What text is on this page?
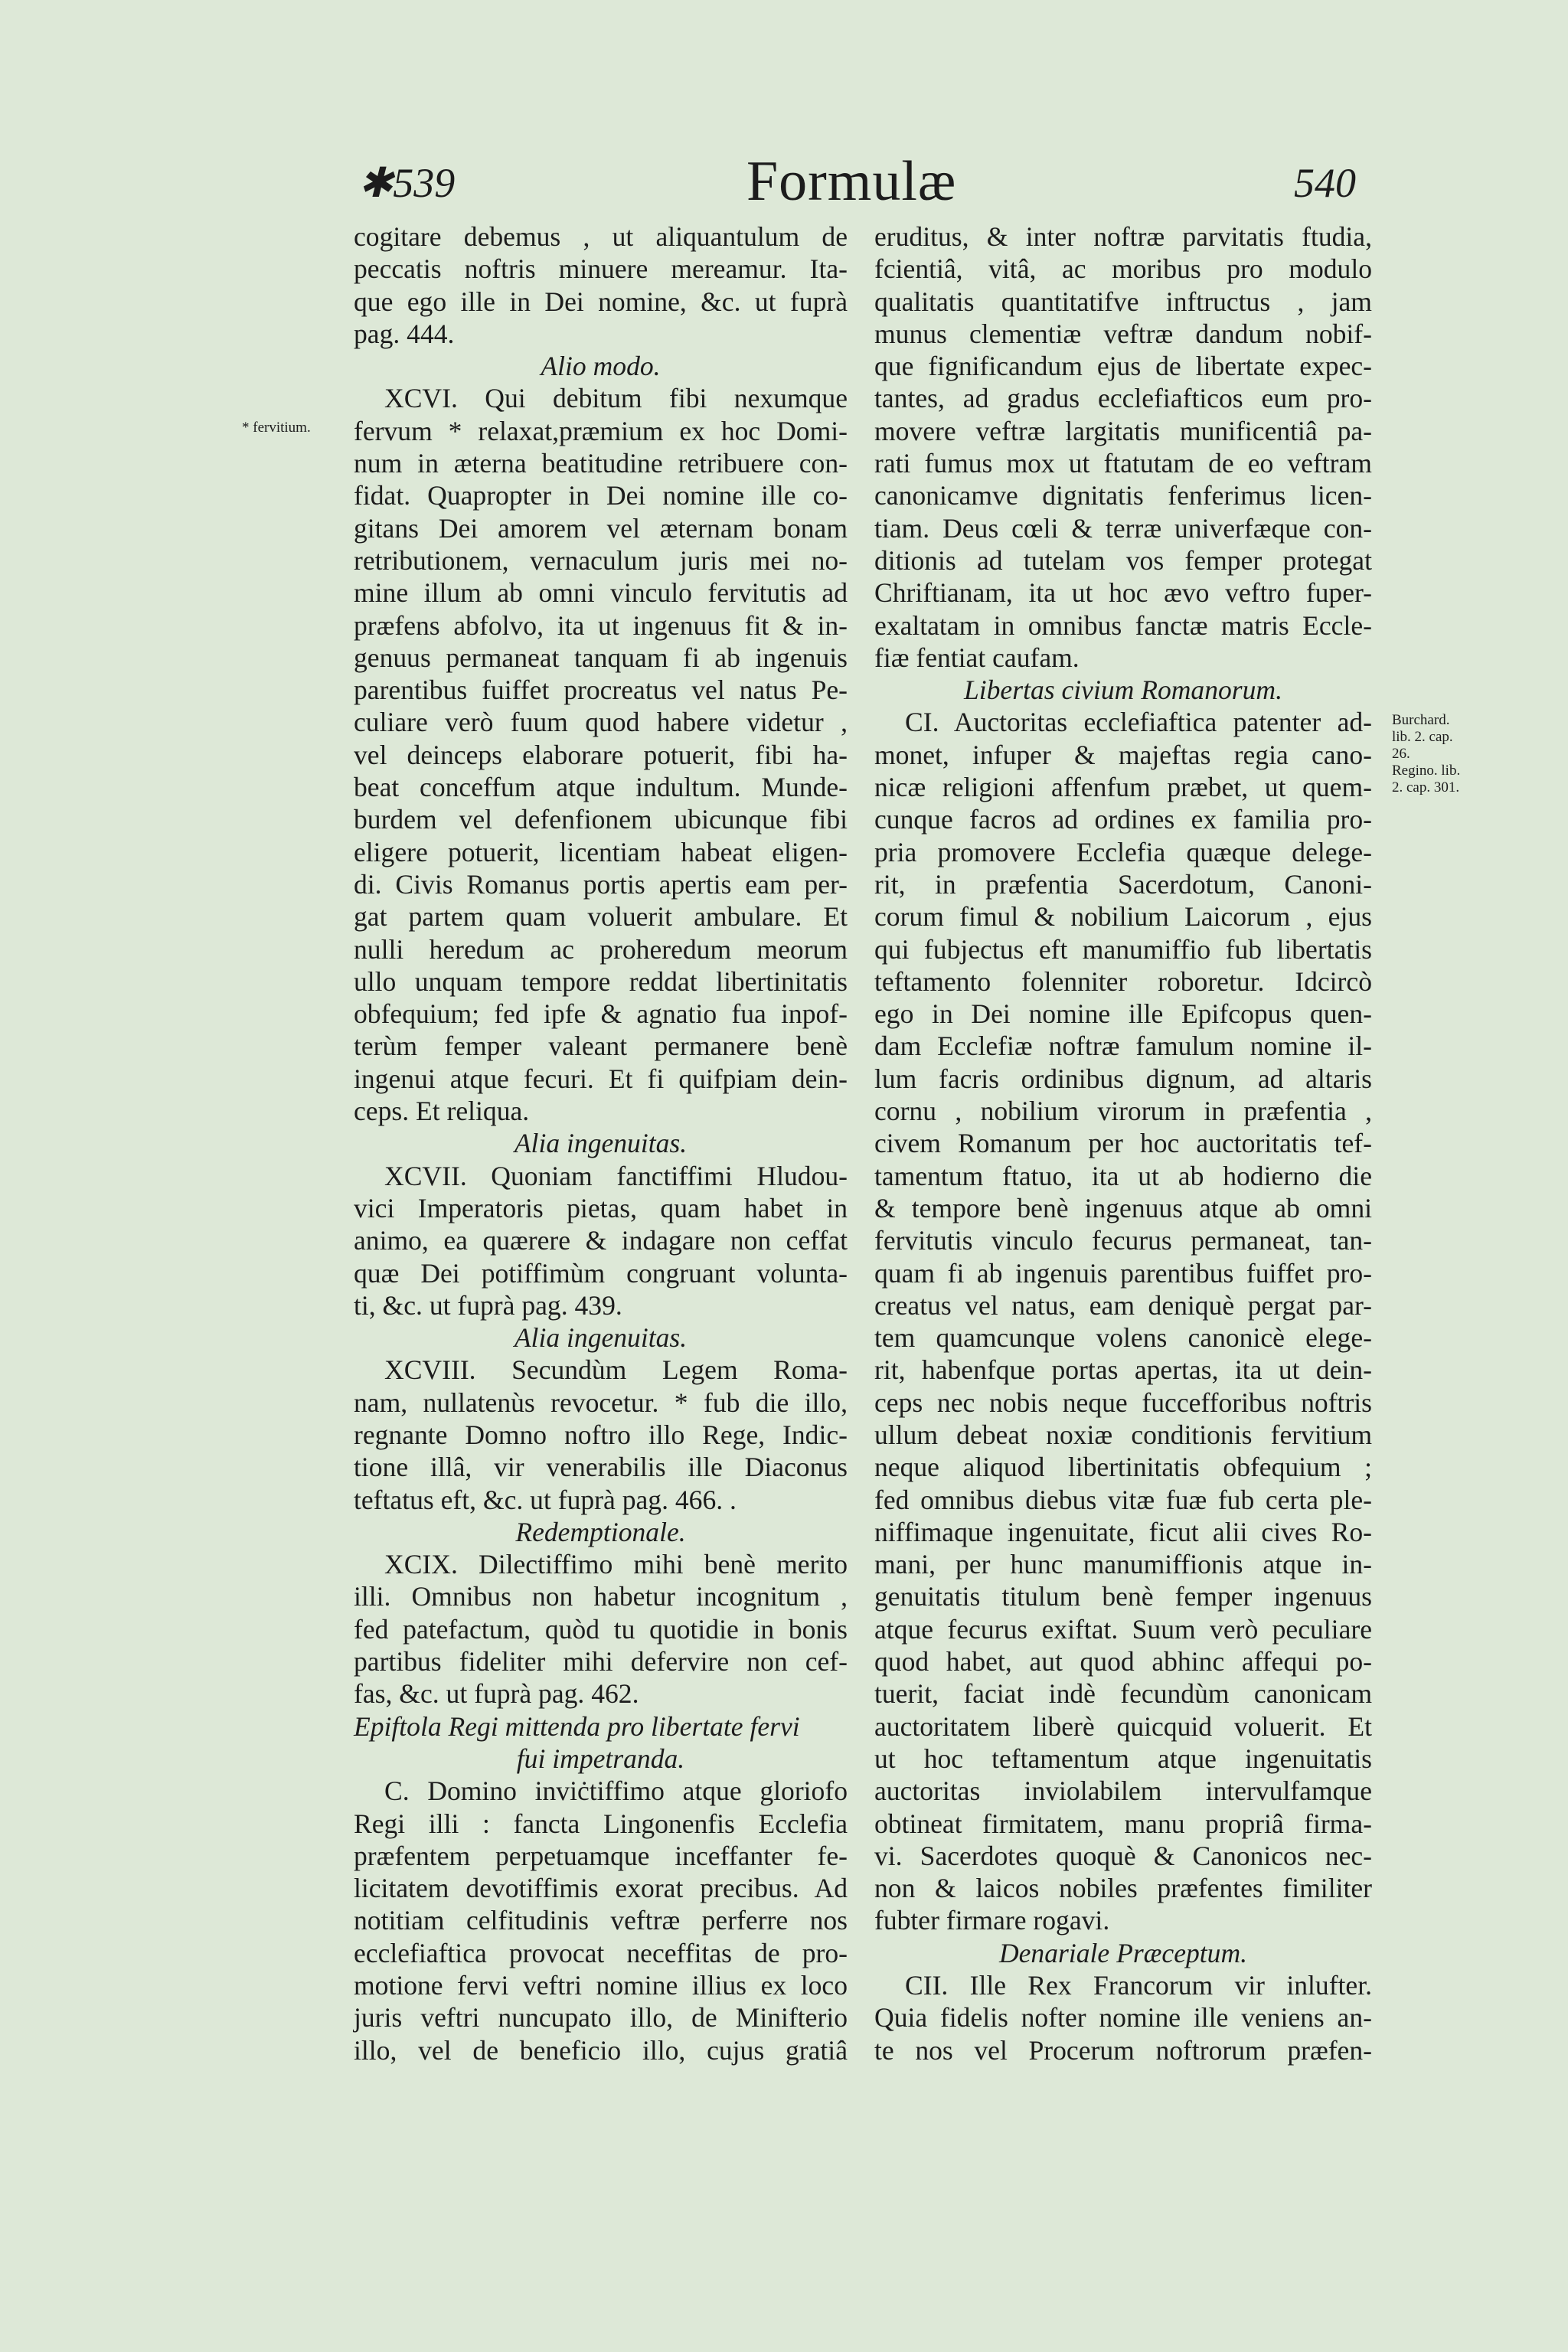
✱539	Formulæ	540
* fervitium.
Burchard.
lib. 2. cap.
26.
Regino. lib.
2. cap. 301.
cogitare debemus , ut aliquantulum de
peccatis noftris minuere mereamur. Ita-
que ego ille in Dei nomine, &c. ut fuprà
pag. 444.
Alio modo.
XCVI. Qui debitum fibi nexumque
fervum * relaxat,præmium ex hoc Domi-
num in æterna beatitudine retribuere con-
fidat. Quapropter in Dei nomine ille co-
gitans Dei amorem vel æternam bonam
retributionem, vernaculum juris mei no-
mine illum ab omni vinculo fervitutis ad
præfens abfolvo, ita ut ingenuus fit & in-
genuus permaneat tanquam fi ab ingenuis
parentibus fuiffet procreatus vel natus Pe-
culiare verò fuum quod habere videtur ,
vel deinceps elaborare potuerit, fibi ha-
beat conceffum atque indultum. Munde-
burdem vel defenfionem ubicunque fibi
eligere potuerit, licentiam habeat eligen-
di. Civis Romanus portis apertis eam per-
gat partem quam voluerit ambulare. Et
nulli heredum ac proheredum meorum
ullo unquam tempore reddat libertinitatis
obfequium; fed ipfe & agnatio fua inpof-
terùm femper valeant permanere benè
ingenui atque fecuri. Et fi quifpiam dein-
ceps. Et reliqua.
Alia ingenuitas.
XCVII. Quoniam fanctiffimi Hludou-
vici Imperatoris pietas, quam habet in
animo, ea quærere & indagare non ceffat
quæ Dei potiffimùm congruant volunta-
ti, &c. ut fuprà pag. 439.
Alia ingenuitas.
XCVIII. Secundùm Legem Roma-
nam, nullatenùs revocetur. * fub die illo,
regnante Domno noftro illo Rege, Indic-
tione illâ, vir venerabilis ille Diaconus
teftatus eft, &c. ut fuprà pag. 466. .
Redemptionale.
XCIX. Dilectiffimo mihi benè merito
illi. Omnibus non habetur incognitum ,
fed patefactum, quòd tu quotidie in bonis
partibus fideliter mihi defervire non cef-
fas, &c. ut fuprà pag. 462.
Epiftola Regi mittenda pro libertate fervi
fui impetranda.
C. Domino inviċtiffimo atque gloriofo
Regi illi : fancta Lingonenfis Ecclefia
præfentem perpetuamque inceffanter fe-
licitatem devotiffimis exorat precibus. Ad
notitiam celfitudinis veftræ perferre nos
ecclefiaftica provocat neceffitas de pro-
motione fervi veftri nomine illius ex loco
juris veftri nuncupato illo, de Minifterio
illo, vel de beneficio illo, cujus gratiâ
eruditus, & inter noftræ parvitatis ftudia,
fcientiâ, vitâ, ac moribus pro modulo
qualitatis quantitatifve inftructus , jam
munus clementiæ veftræ dandum nobif-
que fignificandum ejus de libertate expec-
tantes, ad gradus ecclefiafticos eum pro-
movere veftræ largitatis munificentiâ pa-
rati fumus mox ut ftatutam de eo veftram
canonicamve dignitatis fenferimus licen-
tiam. Deus cœli & terræ univerfæque con-
ditionis ad tutelam vos femper protegat
Chriftianam, ita ut hoc ævo veftro fuper-
exaltatam in omnibus fanctæ matris Eccle-
fiæ fentiat caufam.
Libertas civium Romanorum.
CI. Auctoritas ecclefiaftica patenter ad-
monet, infuper & majeftas regia cano-
nicæ religioni affenfum præbet, ut quem-
cunque facros ad ordines ex familia pro-
pria promovere Ecclefia quæque delege-
rit, in præfentia Sacerdotum, Canoni-
corum fimul & nobilium Laicorum , ejus
qui fubjectus eft manumiffio fub libertatis
teftamento folenniter roboretur. Idcircò
ego in Dei nomine ille Epifcopus quen-
dam Ecclefiæ noftræ famulum nomine il-
lum facris ordinibus dignum, ad altaris
cornu , nobilium virorum in præfentia ,
civem Romanum per hoc auctoritatis tef-
tamentum ftatuo, ita ut ab hodierno die
& tempore benè ingenuus atque ab omni
fervitutis vinculo fecurus permaneat, tan-
quam fi ab ingenuis parentibus fuiffet pro-
creatus vel natus, eam deniquè pergat par-
tem quamcunque volens canonicè elege-
rit, habenfque portas apertas, ita ut dein-
ceps nec nobis neque fuccefforibus noftris
ullum debeat noxiæ conditionis fervitium
neque aliquod libertinitatis obfequium ;
fed omnibus diebus vitæ fuæ fub certa ple-
niffimaque ingenuitate, ficut alii cives Ro-
mani, per hunc manumiffionis atque in-
genuitatis titulum benè femper ingenuus
atque fecurus exiftat. Suum verò peculiare
quod habet, aut quod abhinc affequi po-
tuerit, faciat indè fecundùm canonicam
auctoritatem liberè quicquid voluerit. Et
ut hoc teftamentum atque ingenuitatis
auctoritas inviolabilem intervulfamque
obtineat firmitatem, manu propriâ firma-
vi. Sacerdotes quoquè & Canonicos nec-
non & laicos nobiles præfentes fimiliter
fubter firmare rogavi.
Denariale Præceptum.
CII. Ille Rex Francorum vir inlufter.
Quia fidelis nofter nomine ille veniens an-
te nos vel Procerum noftrorum præfen-
